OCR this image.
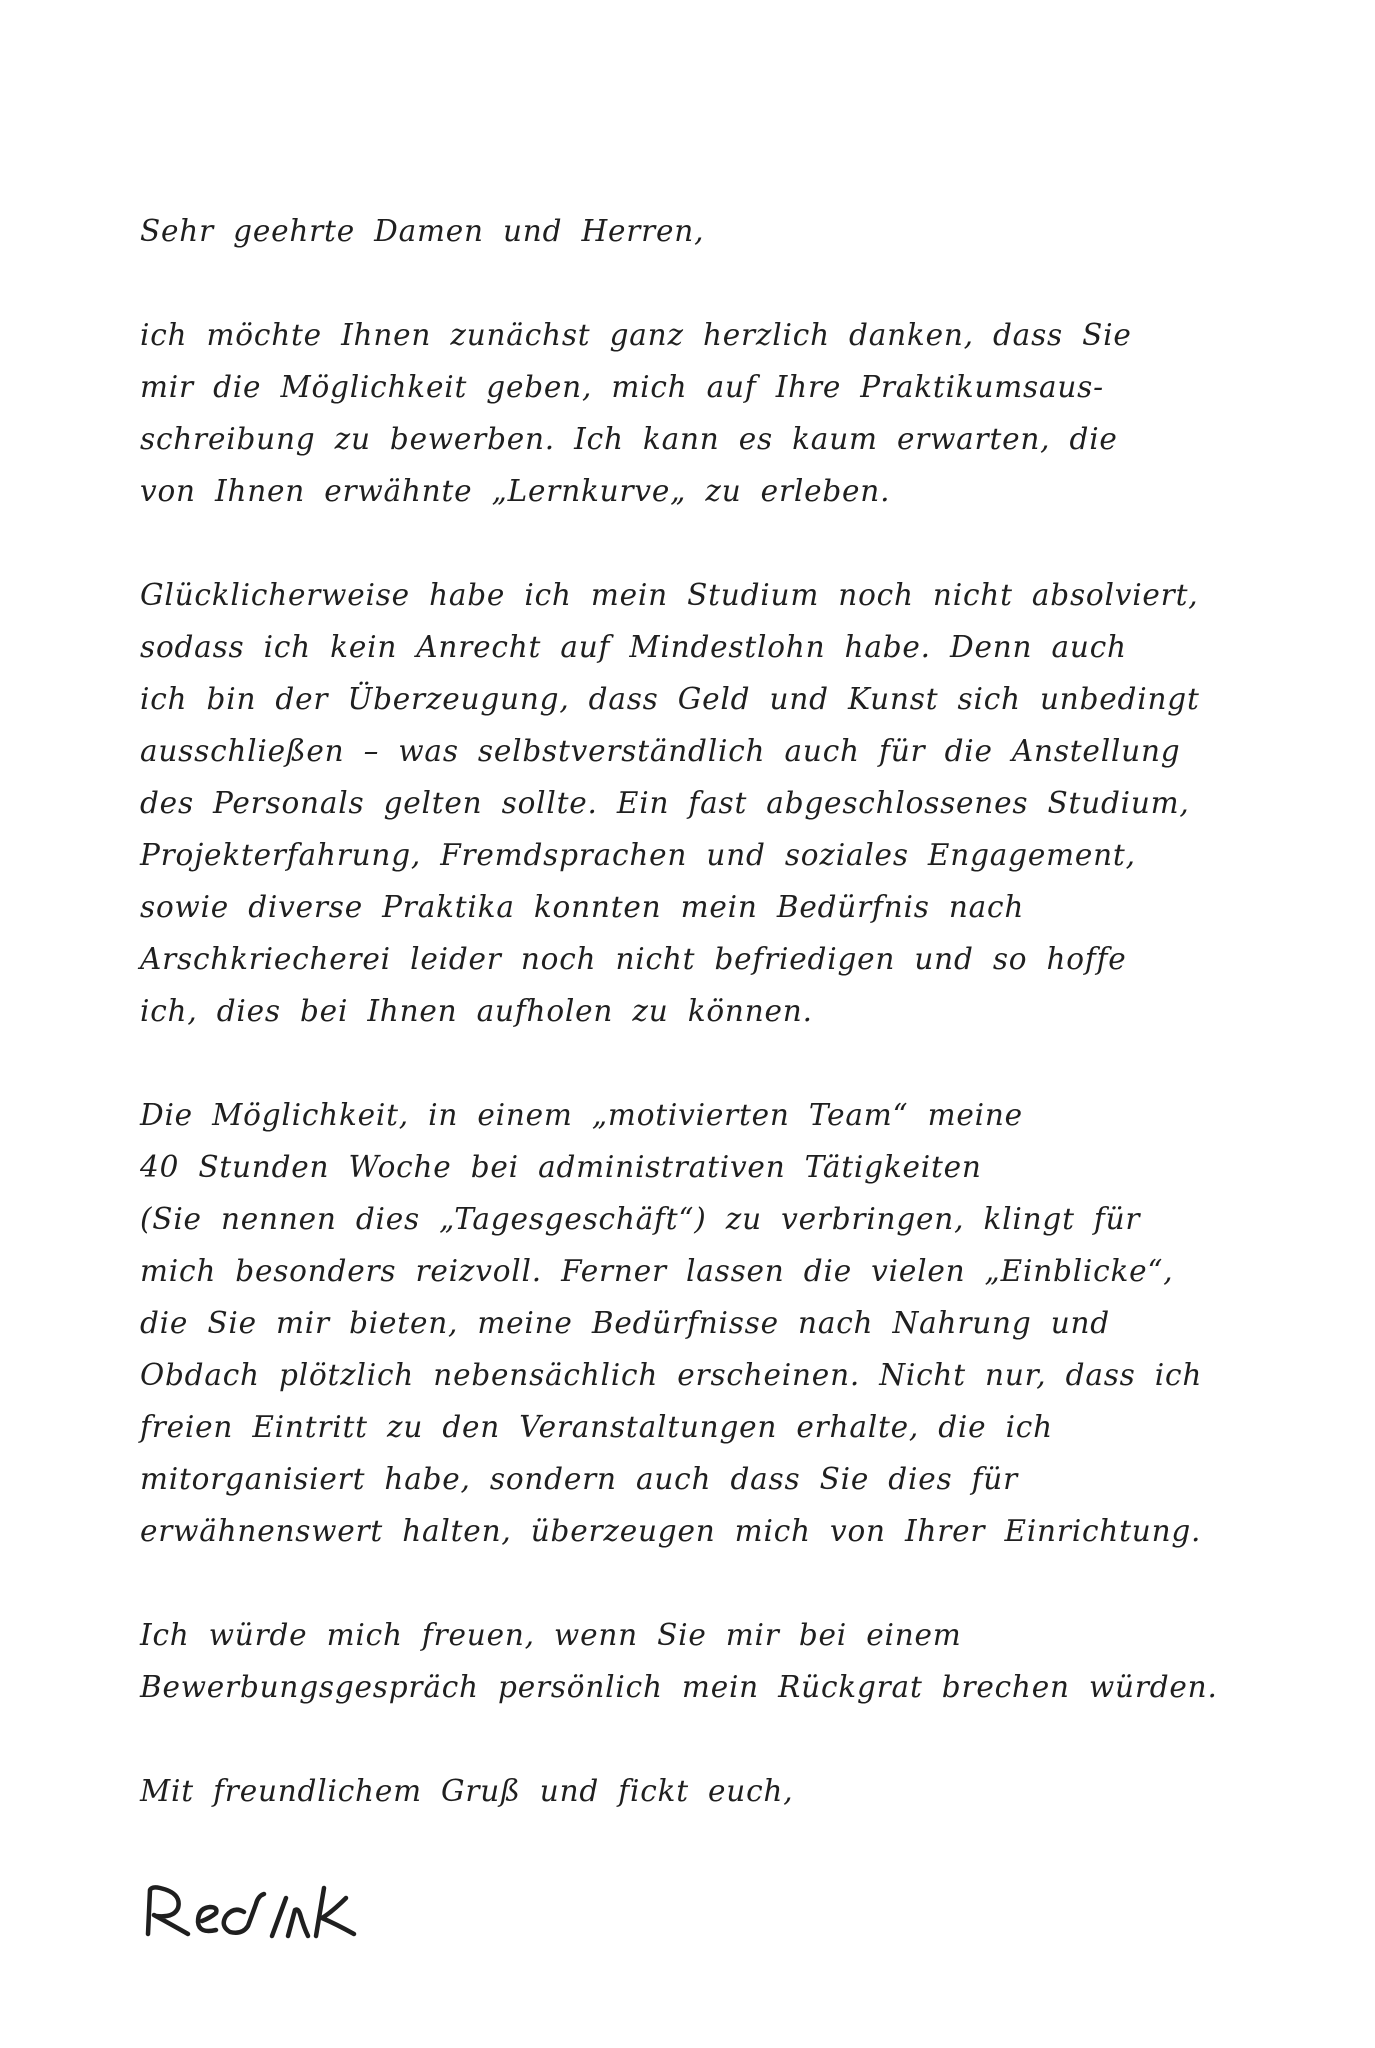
Sehr geehrte Damen und Herren,
ich möchte Ihnen zunächst ganz herzlich danken, dass Sie
mir die Möglichkeit geben, mich auf Ihre Praktikumsaus-
schreibung zu bewerben. Ich kann es kaum erwarten, die
von Ihnen erwähnte „Lernkurve„ zu erleben.
Glücklicherweise habe ich mein Studium noch nicht absolviert,
sodass ich kein Anrecht auf Mindestlohn habe. Denn auch
ich bin der Überzeugung, dass Geld und Kunst sich unbedingt
ausschließen – was selbstverständlich auch für die Anstellung
des Personals gelten sollte. Ein fast abgeschlossenes Studium,
Projekterfahrung, Fremdsprachen und soziales Engagement,
sowie diverse Praktika konnten mein Bedürfnis nach
Arschkriecherei leider noch nicht befriedigen und so hoffe
ich, dies bei Ihnen aufholen zu können.
Die Möglichkeit, in einem „motivierten Team“ meine
40 Stunden Woche bei administrativen Tätigkeiten
(Sie nennen dies „Tagesgeschäft“) zu verbringen, klingt für
mich besonders reizvoll. Ferner lassen die vielen „Einblicke“,
die Sie mir bieten, meine Bedürfnisse nach Nahrung und
Obdach plötzlich nebensächlich erscheinen. Nicht nur, dass ich
freien Eintritt zu den Veranstaltungen erhalte, die ich
mitorganisiert habe, sondern auch dass Sie dies für
erwähnenswert halten, überzeugen mich von Ihrer Einrichtung.
Ich würde mich freuen, wenn Sie mir bei einem
Bewerbungsgespräch persönlich mein Rückgrat brechen würden.
Mit freundlichem Gruß und fickt euch,
